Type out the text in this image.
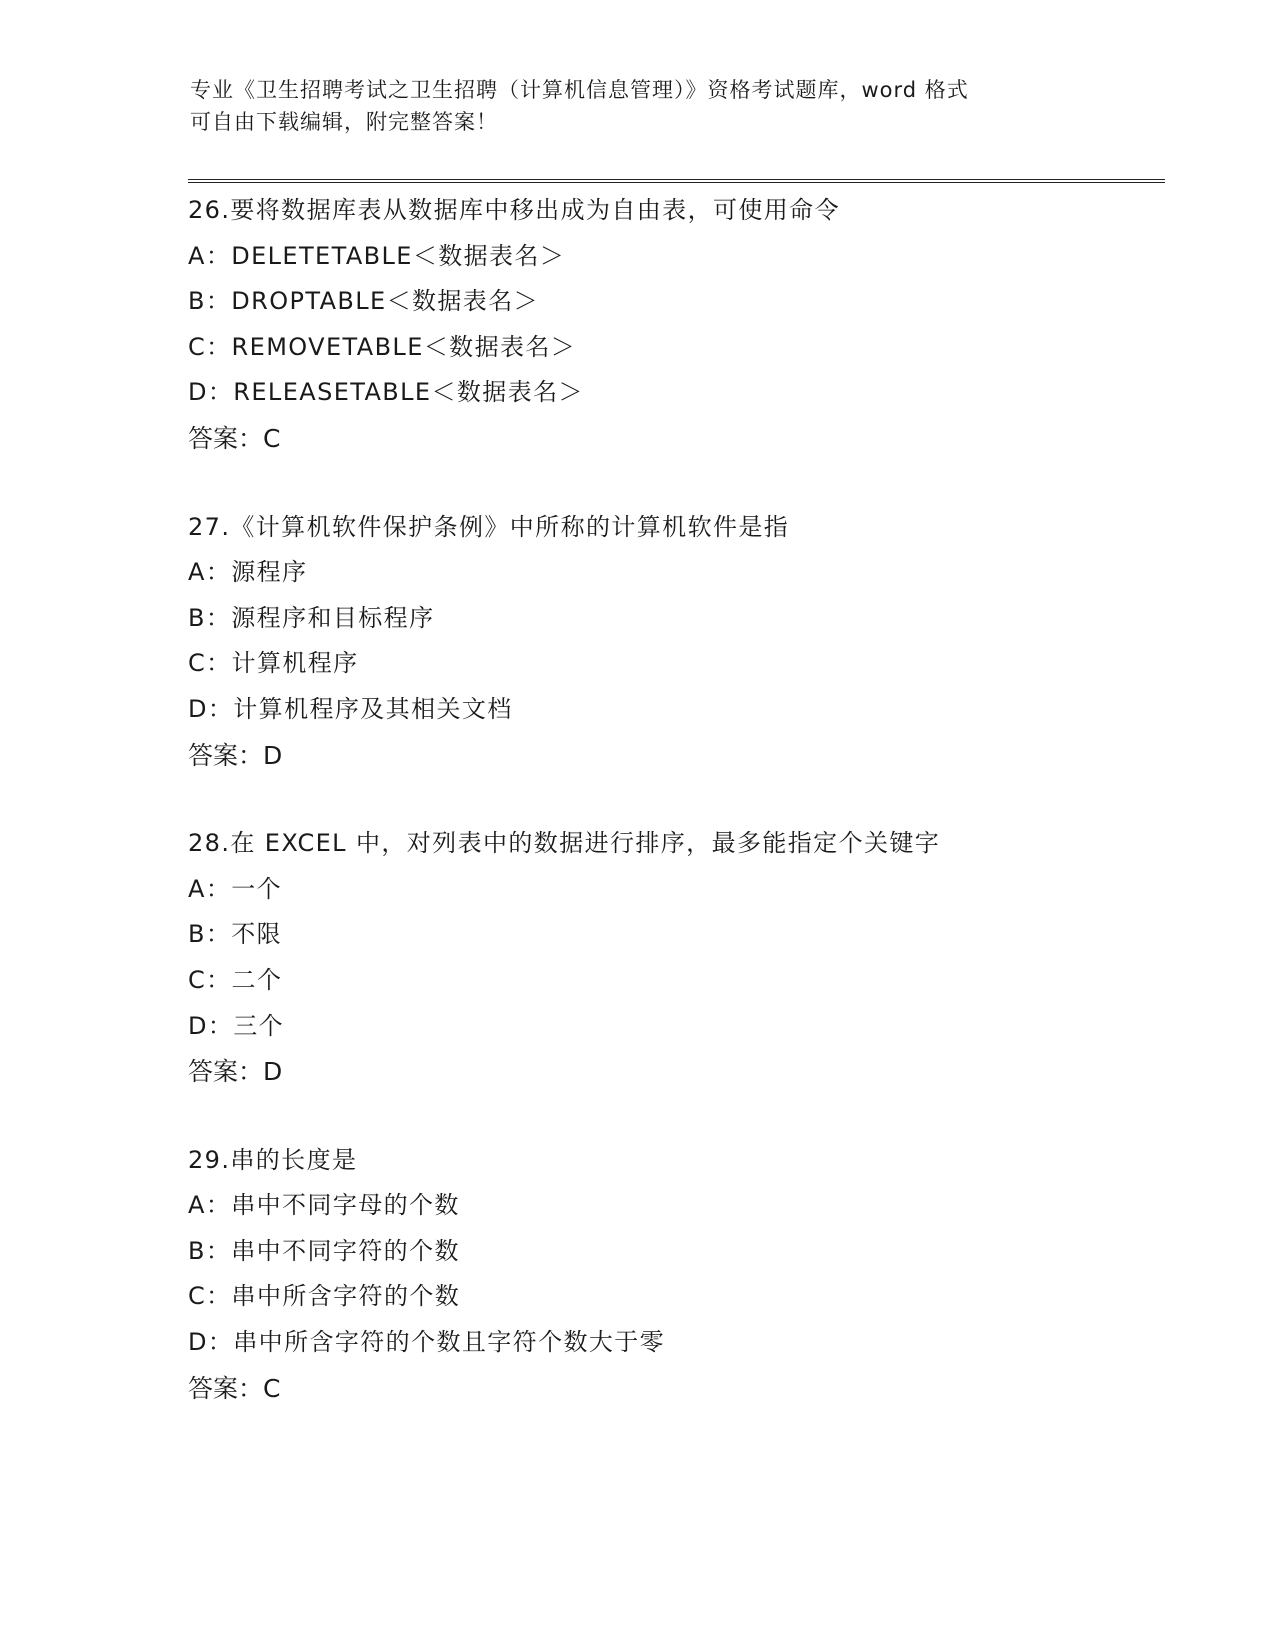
专业《卫生招聘考试之卫生招聘（计算机信息管理）》资格考试题库，word 格式
可自由下载编辑，附完整答案！
26.要将数据库表从数据库中移出成为自由表，可使用命令
A：DELETETABLE＜数据表名＞
B：DROPTABLE＜数据表名＞
C：REMOVETABLE＜数据表名＞
D：RELEASETABLE＜数据表名＞
答案：C
27.《计算机软件保护条例》中所称的计算机软件是指
A：源程序
B：源程序和目标程序
C：计算机程序
D：计算机程序及其相关文档
答案：D
28.在 EXCEL 中，对列表中的数据进行排序，最多能指定个关键字
A：一个
B：不限
C：二个
D：三个
答案：D
29.串的长度是
A：串中不同字母的个数
B：串中不同字符的个数
C：串中所含字符的个数
D：串中所含字符的个数且字符个数大于零
答案：C
